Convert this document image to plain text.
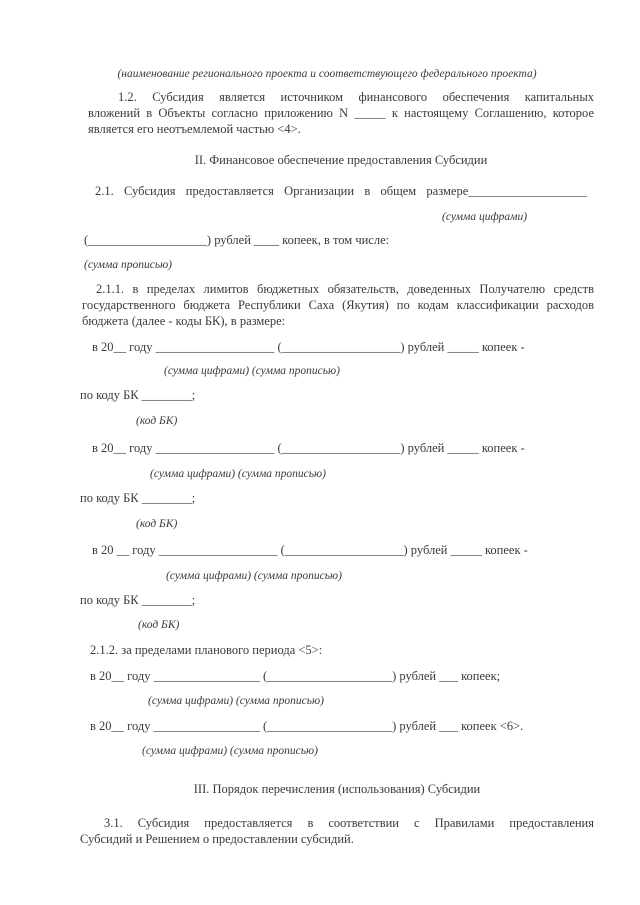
(наименование регионального проекта и соответствующего федерального проекта)
1.2. Субсидия является источником финансового обеспечения капитальных
вложений в Объекты согласно приложению N _____ к настоящему Соглашению, которое
является его неотъемлемой частью <4>.
II. Финансовое обеспечение предоставления Субсидии
2.1. Субсидия предоставляется Организации в общем размере___________________
(сумма цифрами)
(___________________) рублей ____ копеек, в том числе:
(сумма прописью)
2.1.1. в пределах лимитов бюджетных обязательств, доведенных Получателю средств
государственного бюджета Республики Саха (Якутия) по кодам классификации расходов
бюджета (далее - коды БК), в размере:
в 20__ году ___________________ (___________________) рублей _____ копеек -
(сумма цифрами) (сумма прописью)
по коду БК ________;
(код БК)
в 20__ году ___________________ (___________________) рублей _____ копеек -
(сумма цифрами) (сумма прописью)
по коду БК ________;
(код БК)
в 20 __ году ___________________ (___________________) рублей _____ копеек -
(сумма цифрами) (сумма прописью)
по коду БК ________;
(код БК)
2.1.2. за пределами планового периода <5>:
в 20__ году _________________ (____________________) рублей ___ копеек;
(сумма цифрами) (сумма прописью)
в 20__ году _________________ (____________________) рублей ___ копеек <6>.
(сумма цифрами) (сумма прописью)
III. Порядок перечисления (использования) Субсидии
3.1. Субсидия предоставляется в соответствии с Правилами предоставления
Субсидий и Решением о предоставлении субсидий.
